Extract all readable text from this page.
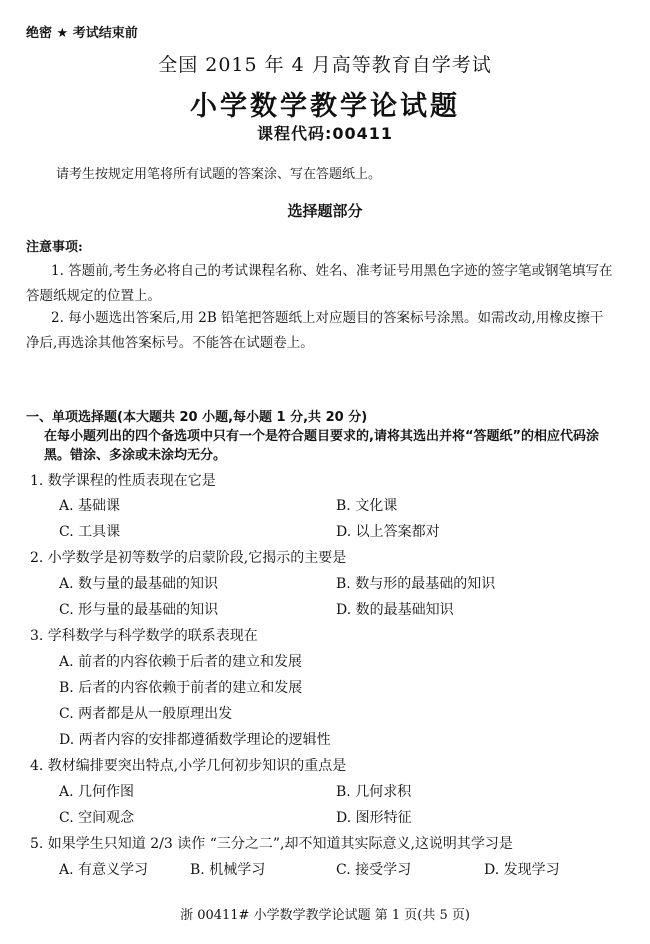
绝密 ★ 考试结束前
全国 2015 年 4 月高等教育自学考试
小学数学教学论试题
课程代码:00411
请考生按规定用笔将所有试题的答案涂、写在答题纸上。
选择题部分
注意事项:
1. 答题前,考生务必将自己的考试课程名称、姓名、准考证号用黑色字迹的签字笔或钢笔填写在答题纸规定的位置上。
2. 每小题选出答案后,用 2B 铅笔把答题纸上对应题目的答案标号涂黑。如需改动,用橡皮擦干净后,再选涂其他答案标号。不能答在试题卷上。
一、单项选择题(本大题共 20 小题,每小题 1 分,共 20 分)
在每小题列出的四个备选项中只有一个是符合题目要求的,请将其选出并将“答题纸”的相应代码涂黑。错涂、多涂或未涂均无分。
1. 数学课程的性质表现在它是
A. 基础课	B. 文化课
C. 工具课	D. 以上答案都对
2. 小学数学是初等数学的启蒙阶段,它揭示的主要是
A. 数与量的最基础的知识	B. 数与形的最基础的知识
C. 形与量的最基础的知识	D. 数的最基础知识
3. 学科数学与科学数学的联系表现在
A. 前者的内容依赖于后者的建立和发展
B. 后者的内容依赖于前者的建立和发展
C. 两者都是从一般原理出发
D. 两者内容的安排都遵循数学理论的逻辑性
4. 教材编排要突出特点,小学几何初步知识的重点是
A. 几何作图	B. 几何求积
C. 空间观念	D. 图形特征
5. 如果学生只知道 2/3 读作 “三分之二”,却不知道其实际意义,这说明其学习是
A. 有意义学习	B. 机械学习	C. 接受学习	D. 发现学习
浙 00411# 小学数学教学论试题 第 1 页(共 5 页)
